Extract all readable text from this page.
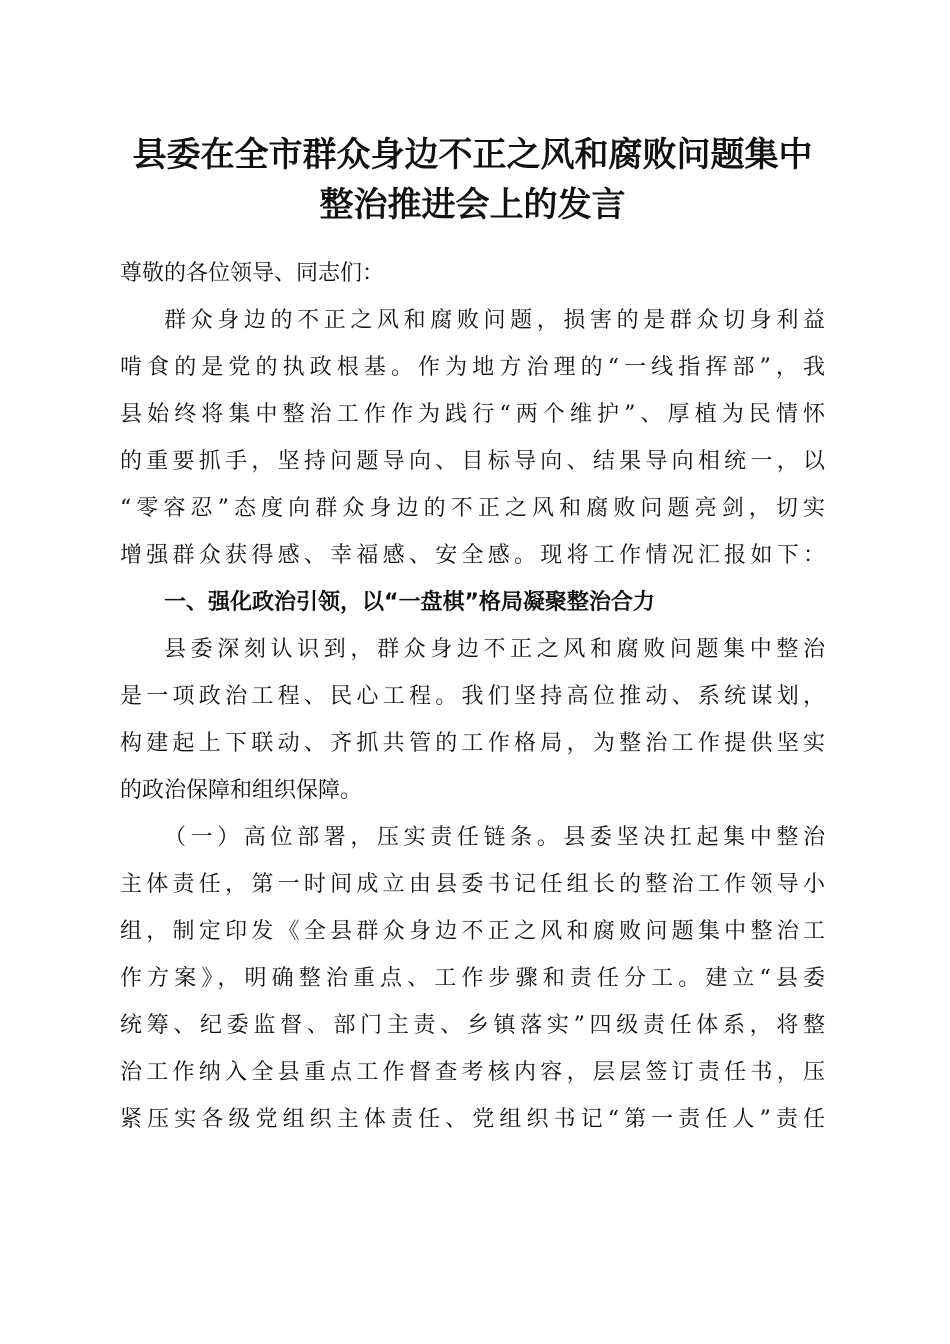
县委在全市群众身边不正之风和腐败问题集中
整治推进会上的发言
尊敬的各位领导、同志们：
群众身边的不正之风和腐败问题，损害的是群众切身利益
啃食的是党的执政根基。作为地方治理的“一线指挥部”，我
县始终将集中整治工作作为践行“两个维护”、厚植为民情怀
的重要抓手，坚持问题导向、目标导向、结果导向相统一，以
“零容忍”态度向群众身边的不正之风和腐败问题亮剑，切实
增强群众获得感、幸福感、安全感。现将工作情况汇报如下：
一、强化政治引领，以“一盘棋”格局凝聚整治合力
县委深刻认识到，群众身边不正之风和腐败问题集中整治
是一项政治工程、民心工程。我们坚持高位推动、系统谋划，
构建起上下联动、齐抓共管的工作格局，为整治工作提供坚实
的政治保障和组织保障。
（一）高位部署，压实责任链条。县委坚决扛起集中整治
主体责任，第一时间成立由县委书记任组长的整治工作领导小
组，制定印发《全县群众身边不正之风和腐败问题集中整治工
作方案》，明确整治重点、工作步骤和责任分工。建立“县委
统筹、纪委监督、部门主责、乡镇落实”四级责任体系，将整
治工作纳入全县重点工作督查考核内容，层层签订责任书，压
紧压实各级党组织主体责任、党组织书记“第一责任人”责任
